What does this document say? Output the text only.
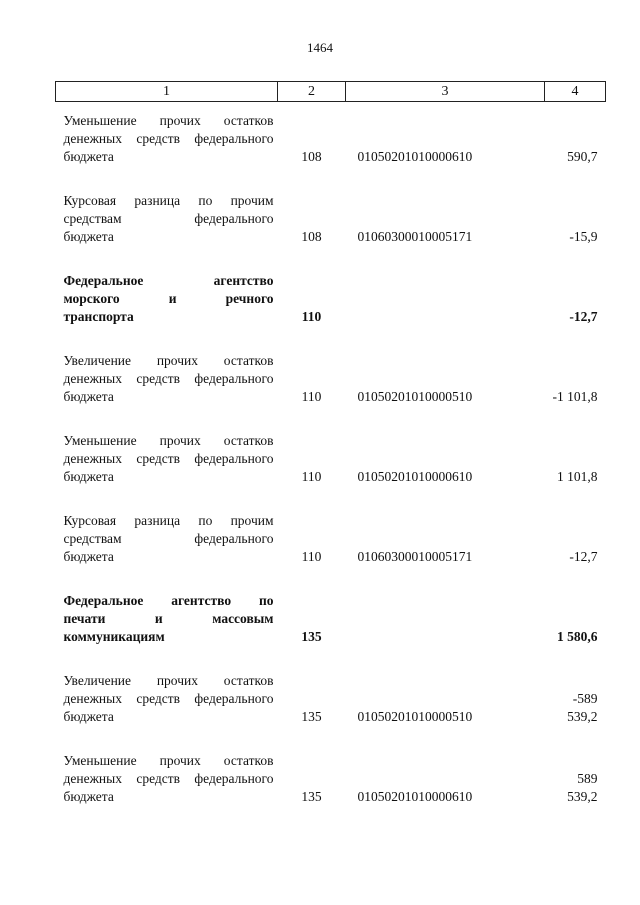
1464
1	2	3	4

Уменьшение прочих остатков
денежных средств федерального
бюджета	108	01050201010000610	590,7

Курсовая разница по прочим
средствам федерального
бюджета	108	01060300010005171	-15,9

Федеральное агентство
морского и речного
транспорта	110		-12,7

Увеличение прочих остатков
денежных средств федерального
бюджета	110	01050201010000510	-1 101,8

Уменьшение прочих остатков
денежных средств федерального
бюджета	110	01050201010000610	1 101,8

Курсовая разница по прочим
средствам федерального
бюджета	110	01060300010005171	-12,7

Федеральное агентство по
печати и массовым
коммуникациям	135		1 580,6

Увеличение прочих остатков
денежных средств федерального
бюджета	135	01050201010000510	-589 539,2

Уменьшение прочих остатков
денежных средств федерального
бюджета	135	01050201010000610	589 539,2
